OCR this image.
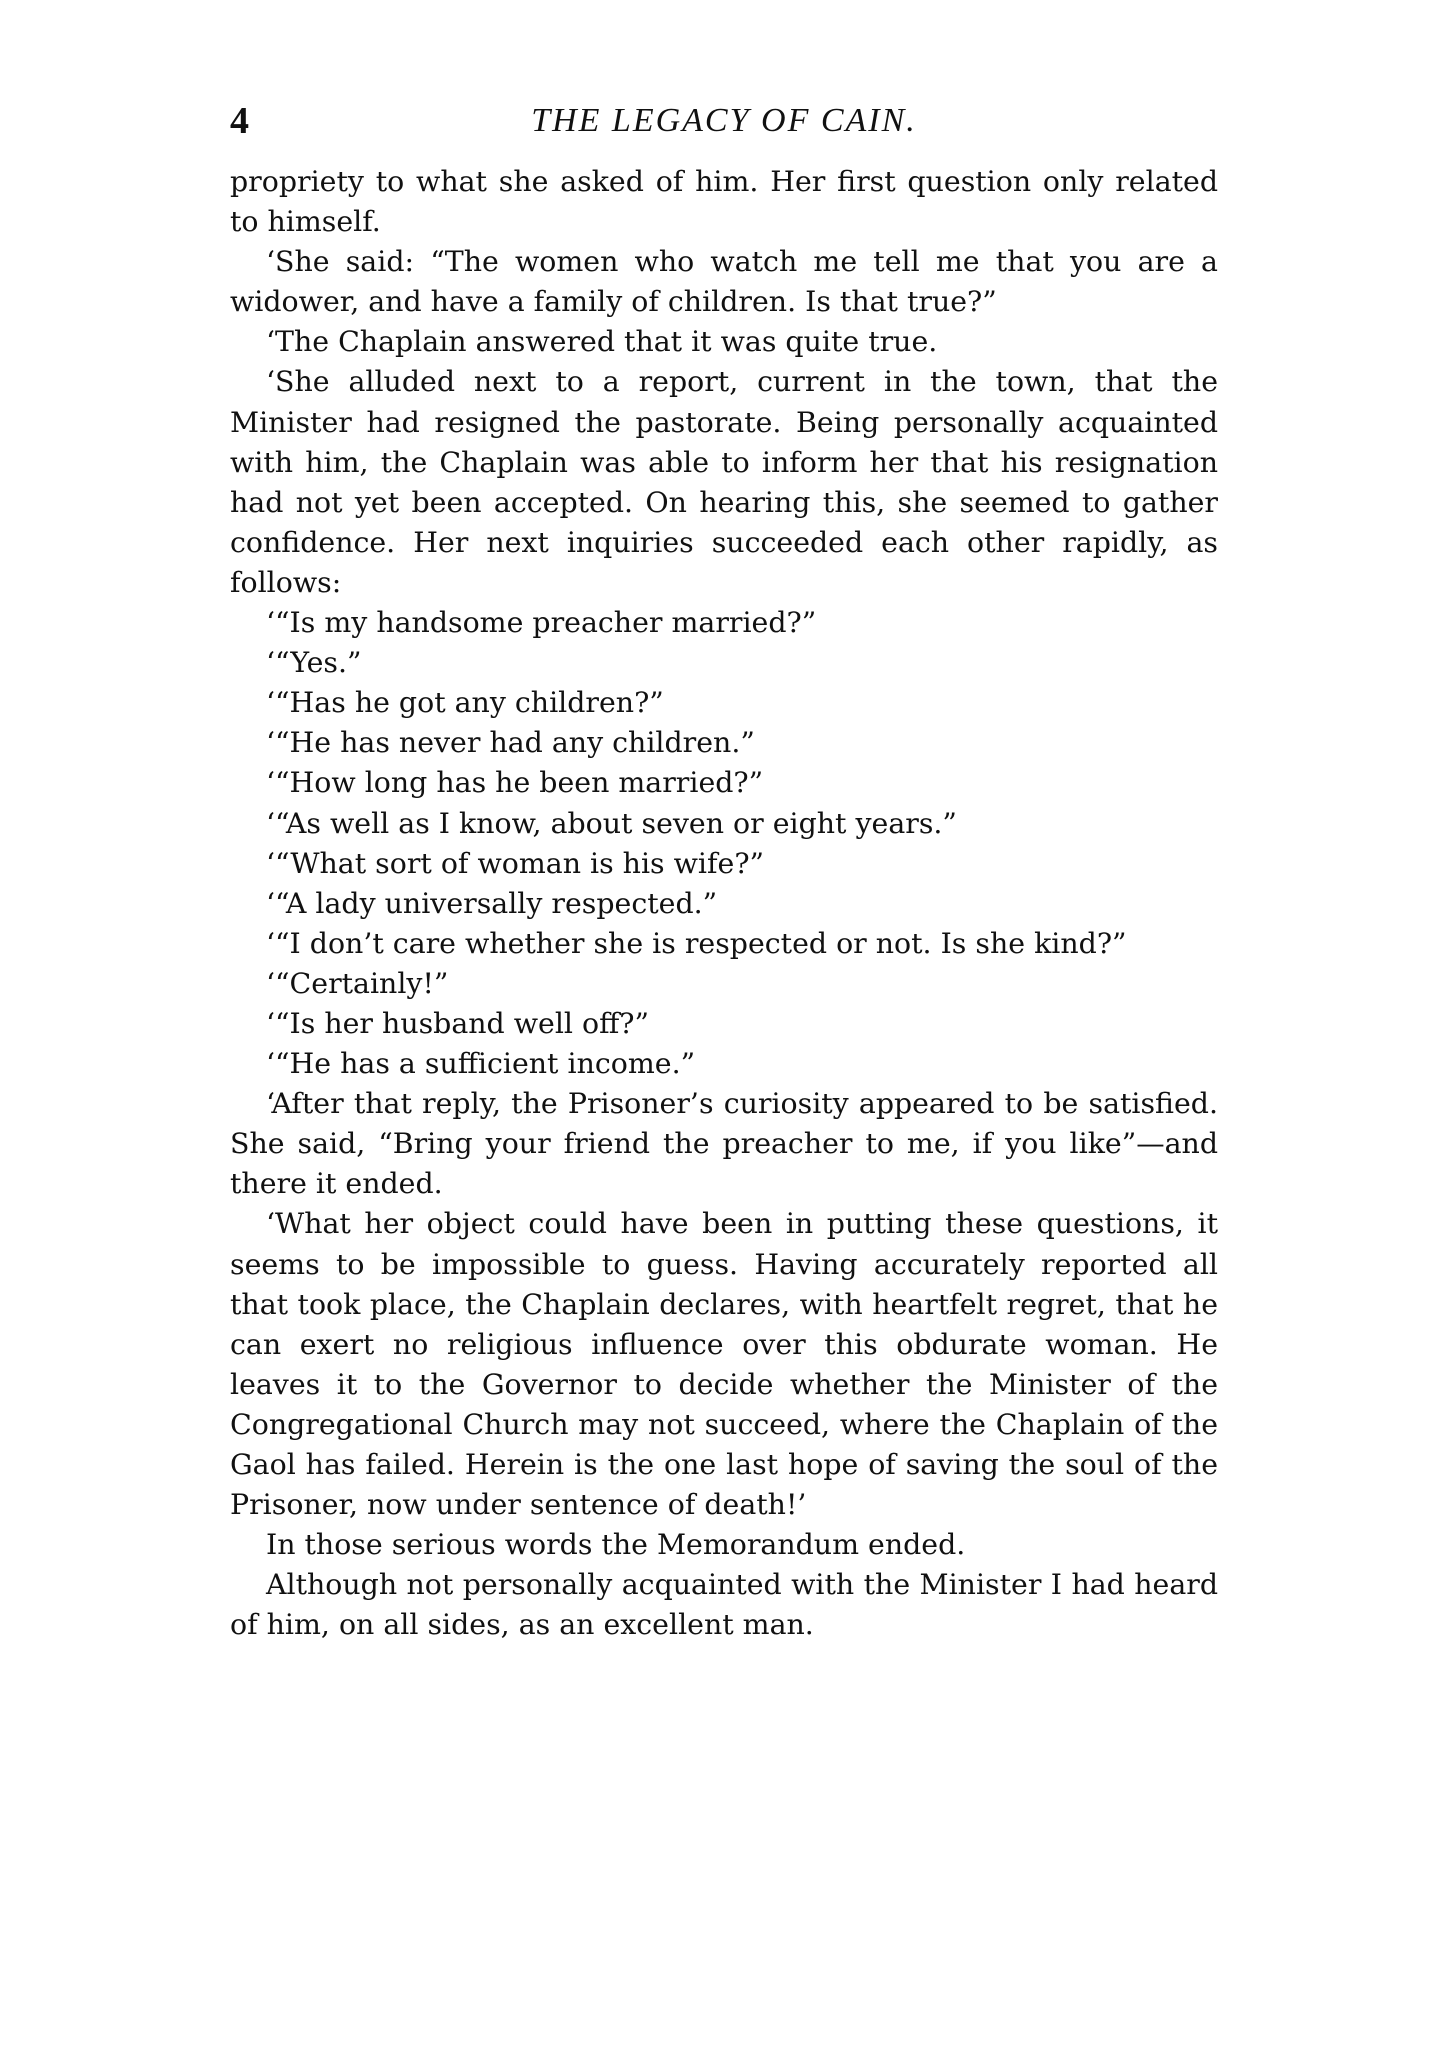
4	THE LEGACY OF CAIN.

propriety to what she asked of him. Her first question only related to himself.

‘She said: “The women who watch me tell me that you are a widower, and have a family of children. Is that true?”

‘The Chaplain answered that it was quite true.

‘She alluded next to a report, current in the town, that the Minister had resigned the pastorate. Being personally acquainted with him, the Chaplain was able to inform her that his resignation had not yet been accepted. On hearing this, she seemed to gather confidence. Her next inquiries succeeded each other rapidly, as follows:

‘“Is my handsome preacher married?”

‘“Yes.”

‘“Has he got any children?”

‘“He has never had any children.”

‘“How long has he been married?”

‘“As well as I know, about seven or eight years.”

‘“What sort of woman is his wife?”

‘“A lady universally respected.”

‘“I don’t care whether she is respected or not. Is she kind?”

‘“Certainly!”

‘“Is her husband well off?”

‘“He has a sufficient income.”

‘After that reply, the Prisoner’s curiosity appeared to be satisfied. She said, “Bring your friend the preacher to me, if you like”—and there it ended.

‘What her object could have been in putting these questions, it seems to be impossible to guess. Having accurately reported all that took place, the Chaplain declares, with heartfelt regret, that he can exert no religious influence over this obdurate woman. He leaves it to the Governor to decide whether the Minister of the Congregational Church may not succeed, where the Chaplain of the Gaol has failed. Herein is the one last hope of saving the soul of the Prisoner, now under sentence of death!’

In those serious words the Memorandum ended.

Although not personally acquainted with the Minister I had heard of him, on all sides, as an excellent man.
